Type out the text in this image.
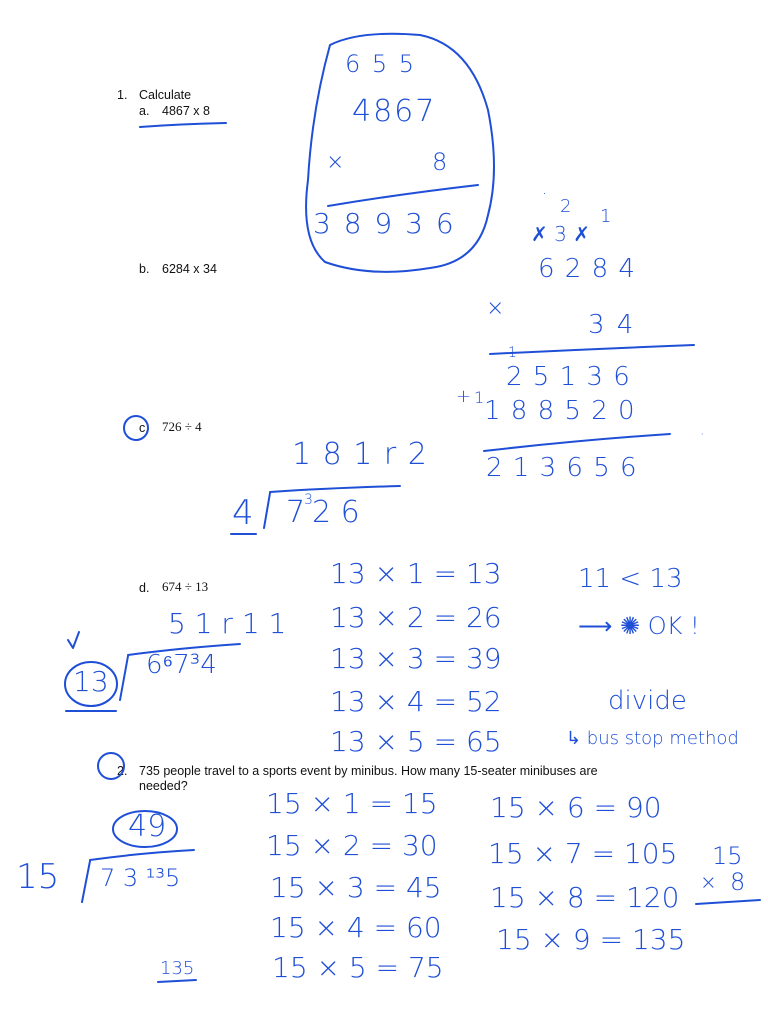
1. Calculate
a. 4867 x 8
b. 6284 x 34
c. 726 ÷ 4
d. 674 ÷ 13
2. 735 people travel to a sports event by minibus. How many 15-seater minibuses are
needed?
6 5 5
4867
×	8
3 8 9 3 6
·
2 1
✗ 3 ✗
6 2 8 4
×
3 4
1
2 5 1 3 6
+ 1 1 8 8 5 2 0
2 1 3 6 5 6
·
1 8 1 r 2
4 7
3 2 6
5 1 r 1 1
13 6⁶7³4
13 × 1 = 13
13 × 2 = 26
13 × 3 = 39
13 × 4 = 52
13 × 5 = 65
11 < 13
⟶ ✺ OK !
divide
↳ bus stop method
49
15 7 3 ¹³5
135
15 × 1 = 15
15 × 2 = 30
15 × 3 = 45
15 × 4 = 60
15 × 5 = 75
15 × 6 = 90
15 × 7 = 105
15 × 8 = 120
15 × 9 = 135
15
× 8
